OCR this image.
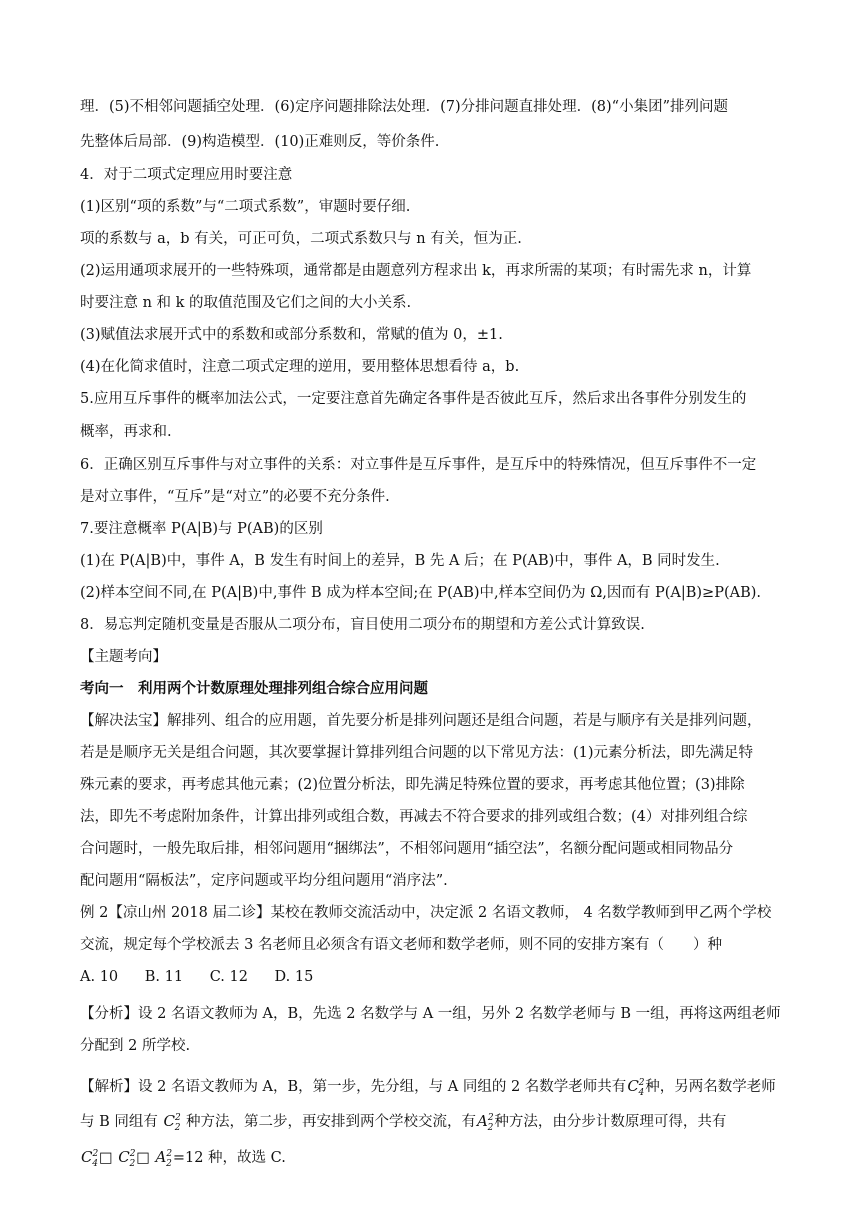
理．(5)不相邻问题插空处理．(6)定序问题排除法处理．(7)分排问题直排处理．(8)“小集团”排列问题
先整体后局部．(9)构造模型．(10)正难则反，等价条件.
4．对于二项式定理应用时要注意
(1)区别“项的系数”与“二项式系数”，审题时要仔细.
项的系数与 a，b 有关，可正可负，二项式系数只与 n 有关，恒为正.
(2)运用通项求展开的一些特殊项，通常都是由题意列方程求出 k，再求所需的某项；有时需先求 n，计算
时要注意 n 和 k 的取值范围及它们之间的大小关系.
(3)赋值法求展开式中的系数和或部分系数和，常赋的值为 0，±1.
(4)在化简求值时，注意二项式定理的逆用，要用整体思想看待 a，b.
5.应用互斥事件的概率加法公式，一定要注意首先确定各事件是否彼此互斥，然后求出各事件分别发生的
概率，再求和.
6．正确区别互斥事件与对立事件的关系：对立事件是互斥事件，是互斥中的特殊情况，但互斥事件不一定
是对立事件，“互斥”是“对立”的必要不充分条件.
7.要注意概率 P(A|B)与 P(AB)的区别
(1)在 P(A|B)中，事件 A，B 发生有时间上的差异，B 先 A 后；在 P(AB)中，事件 A，B 同时发生.
(2)样本空间不同,在 P(A|B)中,事件 B 成为样本空间;在 P(AB)中,样本空间仍为 Ω,因而有 P(A|B)≥P(AB).
8．易忘判定随机变量是否服从二项分布，盲目使用二项分布的期望和方差公式计算致误.
【主题考向】
考向一　利用两个计数原理处理排列组合综合应用问题
【解决法宝】解排列、组合的应用题，首先要分析是排列问题还是组合问题，若是与顺序有关是排列问题，
若是是顺序无关是组合问题，其次要掌握计算排列组合问题的以下常见方法：(1)元素分析法，即先满足特
殊元素的要求，再考虑其他元素；(2)位置分析法，即先满足特殊位置的要求，再考虑其他位置；(3)排除
法，即先不考虑附加条件，计算出排列或组合数，再减去不符合要求的排列或组合数；(4）对排列组合综
合问题时，一般先取后排，相邻问题用“捆绑法”，不相邻问题用“插空法”，名额分配问题或相同物品分
配问题用“隔板法”，定序问题或平均分组问题用“消序法”.
例 2【凉山州 2018 届二诊】某校在教师交流活动中，决定派 2 名语文教师， 4 名数学教师到甲乙两个学校
交流，规定每个学校派去 3 名老师且必须含有语文老师和数学老师，则不同的安排方案有（　　）种
A. 10 B. 11 C. 12 D. 15
【分析】设 2 名语文教师为 A，B，先选 2 名数学与 A 一组，另外 2 名数学老师与 B 一组，再将这两组老师
分配到 2 所学校.
【解析】设 2 名语文教师为 A，B，第一步，先分组，与 A 同组的 2 名数学老师共有$C^2_4$种，另两名数学老师
与 B 同组有 $C^2_2$ 种方法，第二步，再安排到两个学校交流，有$A^2_2$种方法，由分步计数原理可得，共有
$C^2_4□$ $C^2_2□$ $A^2_2=12$ 种，故选 C.
